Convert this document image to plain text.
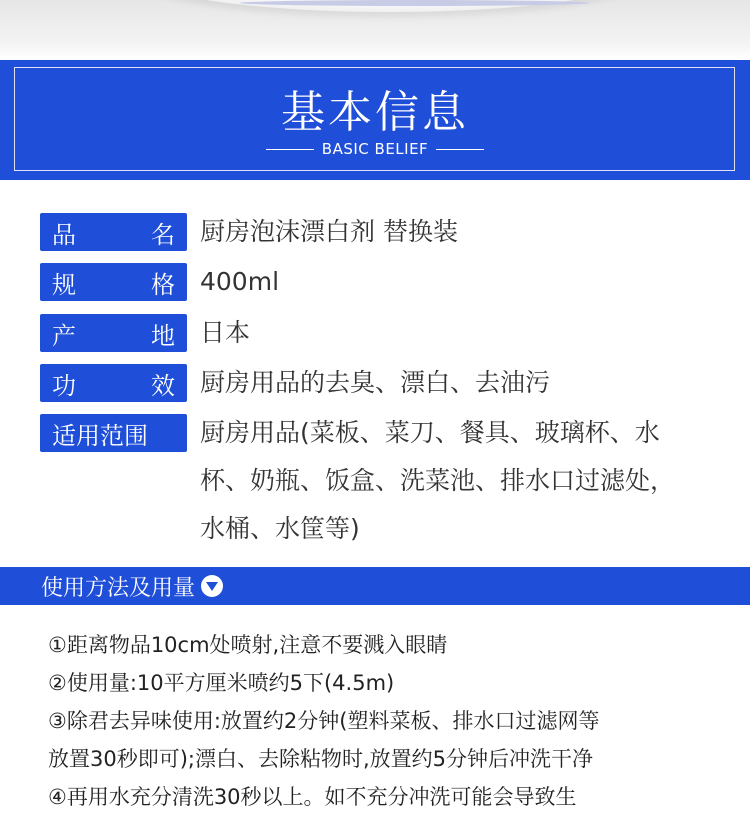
基本信息
BASIC BELIEF
品	名 厨房泡沫漂白剂 替换装
规	格 400ml
产	地 日本
功	效 厨房用品的去臭、漂白、去油污
适用范围 厨房用品(菜板、菜刀、餐具、玻璃杯、水
杯、奶瓶、饭盒、洗菜池、排水口过滤处，
水桶、水筐等)
使用方法及用量
①距离物品10cm处喷射,注意不要溅入眼睛
②使用量:10平方厘米喷约5下(4.5m)
③除君去异味使用:放置约2分钟(塑料菜板、排水口过滤网等
放置30秒即可);漂白、去除粘物时,放置约5分钟后冲洗干净
④再用水充分清洗30秒以上。如不充分冲洗可能会导致生
